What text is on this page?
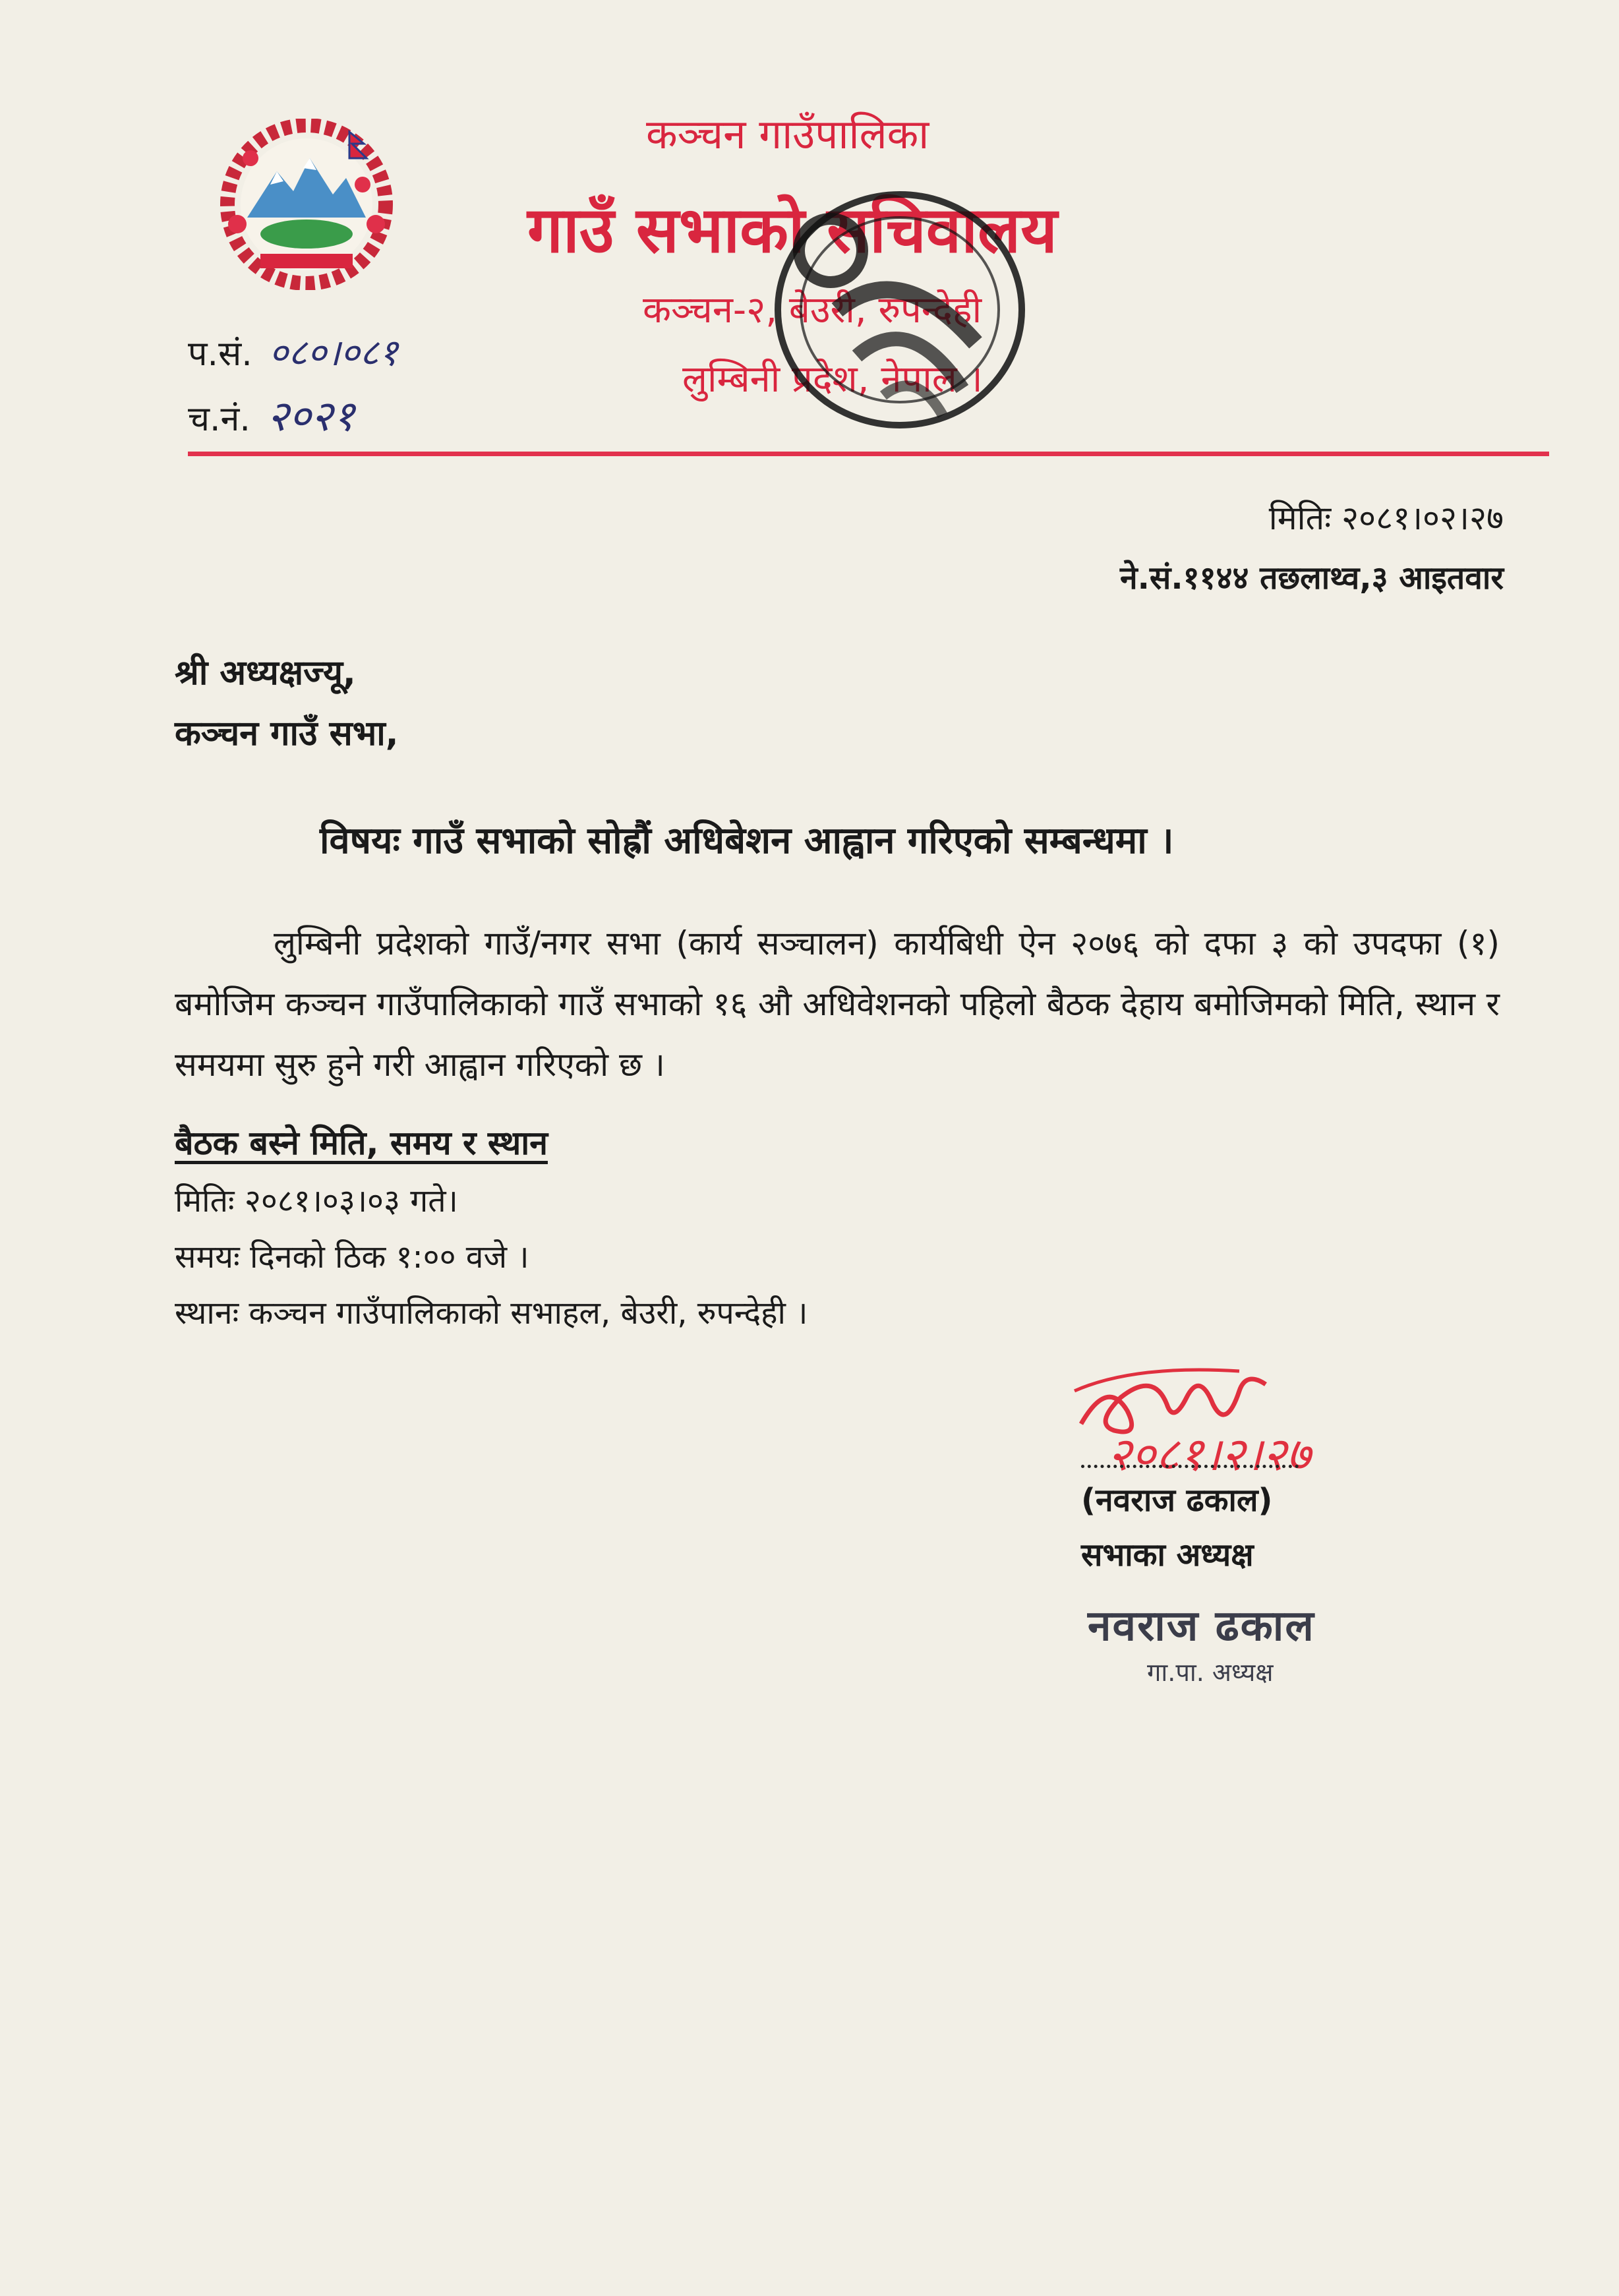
कञ्चन गाउँपालिका
गाउँ सभाको सचिवालय
कञ्चन-२, बेउरी, रुपन्देही
लुम्बिनी प्रदेश, नेपाल ।
प.सं. ०८०।०८१
च.नं. २०२१
मितिः २०८१।०२।२७
ने.सं.११४४ तछलाथ्व,३ आइतवार
श्री अध्यक्षज्यू,
कञ्चन गाउँ सभा,
विषयः गाउँ सभाको सोह्रौं अधिबेशन आह्वान गरिएको सम्बन्धमा ।
लुम्बिनी प्रदेशको गाउँ/नगर सभा (कार्य सञ्चालन) कार्यबिधी ऐन २०७६ को दफा ३ को उपदफा (१) बमोजिम कञ्चन गाउँपालिकाको गाउँ सभाको १६ औ अधिवेशनको पहिलो बैठक देहाय बमोजिमको मिति, स्थान र समयमा सुरु हुने गरी आह्वान गरिएको छ ।
बैठक बस्ने मिति, समय र स्थान
मितिः २०८१।०३।०३ गते।
समयः दिनको ठिक १:०० वजे ।
स्थानः कञ्चन गाउँपालिकाको सभाहल, बेउरी, रुपन्देही ।
२०८१।२।२७
(नवराज ढकाल)
सभाका अध्यक्ष
नवराज ढकाल
गा.पा. अध्यक्ष
